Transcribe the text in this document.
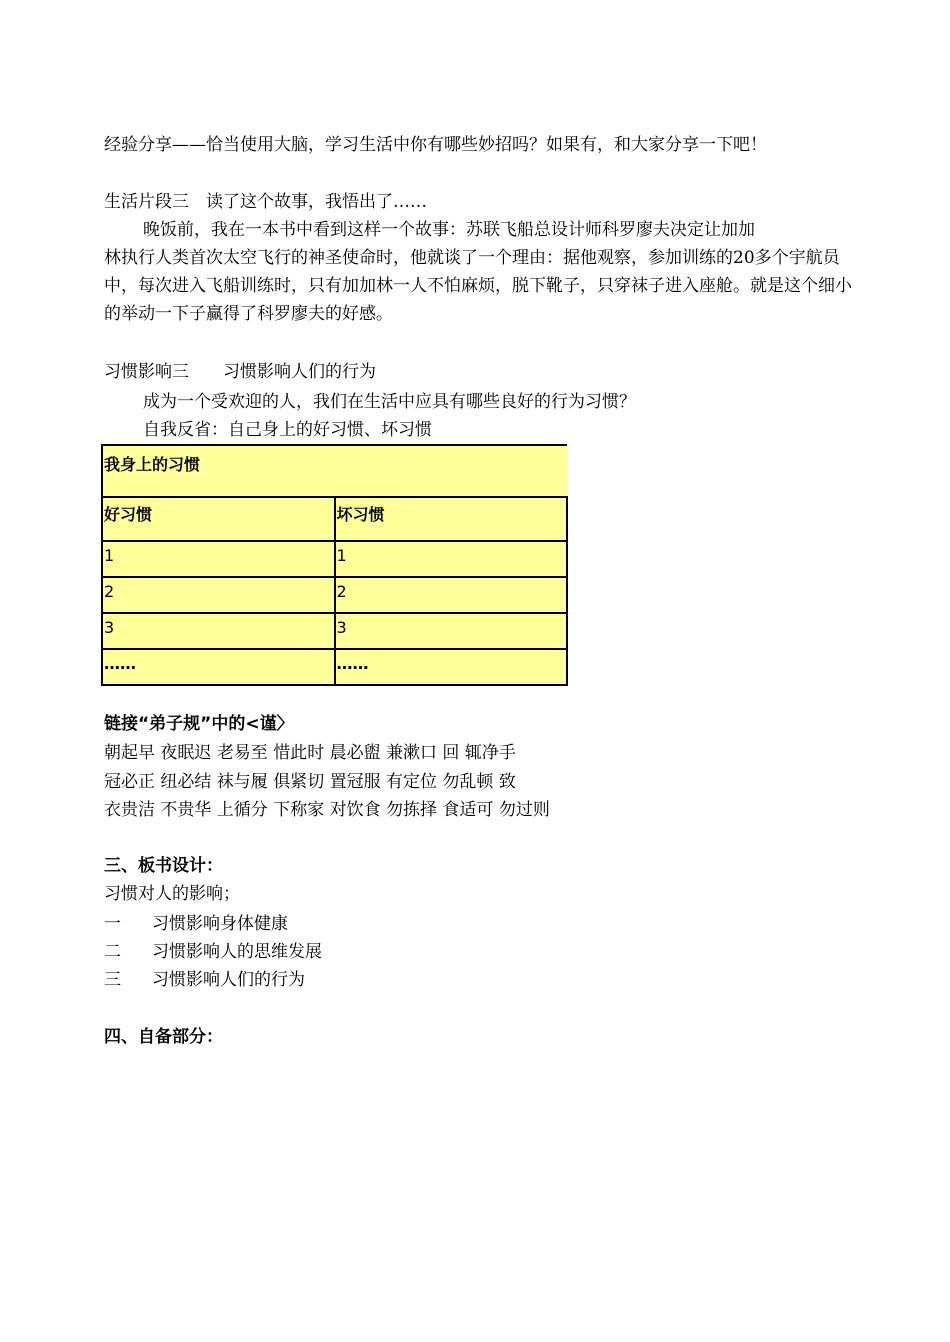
经验分享——恰当使用大脑，学习生活中你有哪些妙招吗？如果有，和大家分享一下吧！
生活片段三　读了这个故事，我悟出了……
晚饭前，我在一本书中看到这样一个故事：苏联飞船总设计师科罗廖夫决定让加加
林执行人类首次太空飞行的神圣使命时，他就谈了一个理由：据他观察，参加训练的20多个宇航员中，每次进入飞船训练时，只有加加林一人不怕麻烦，脱下靴子，只穿袜子进入座舱。就是这个细小的举动一下子赢得了科罗廖夫的好感。
习惯影响三　　习惯影响人们的行为
成为一个受欢迎的人，我们在生活中应具有哪些良好的行为习惯？
自我反省：自己身上的好习惯、坏习惯
我身上的习惯	
好习惯	坏习惯
1	1
2	2
3	3
……	……
链接“弟子规”中的<谨〉
朝起早 夜眠迟 老易至 惜此时 晨必盥 兼漱口 回 辄净手
冠必正 纽必结 袜与履 俱紧切 置冠服 有定位 勿乱顿 致
衣贵洁 不贵华 上循分 下称家 对饮食 勿拣择 食适可 勿过则
三、板书设计：
习惯对人的影响；
一 习惯影响身体健康
二 习惯影响人的思维发展
三 习惯影响人们的行为
四、自备部分：
